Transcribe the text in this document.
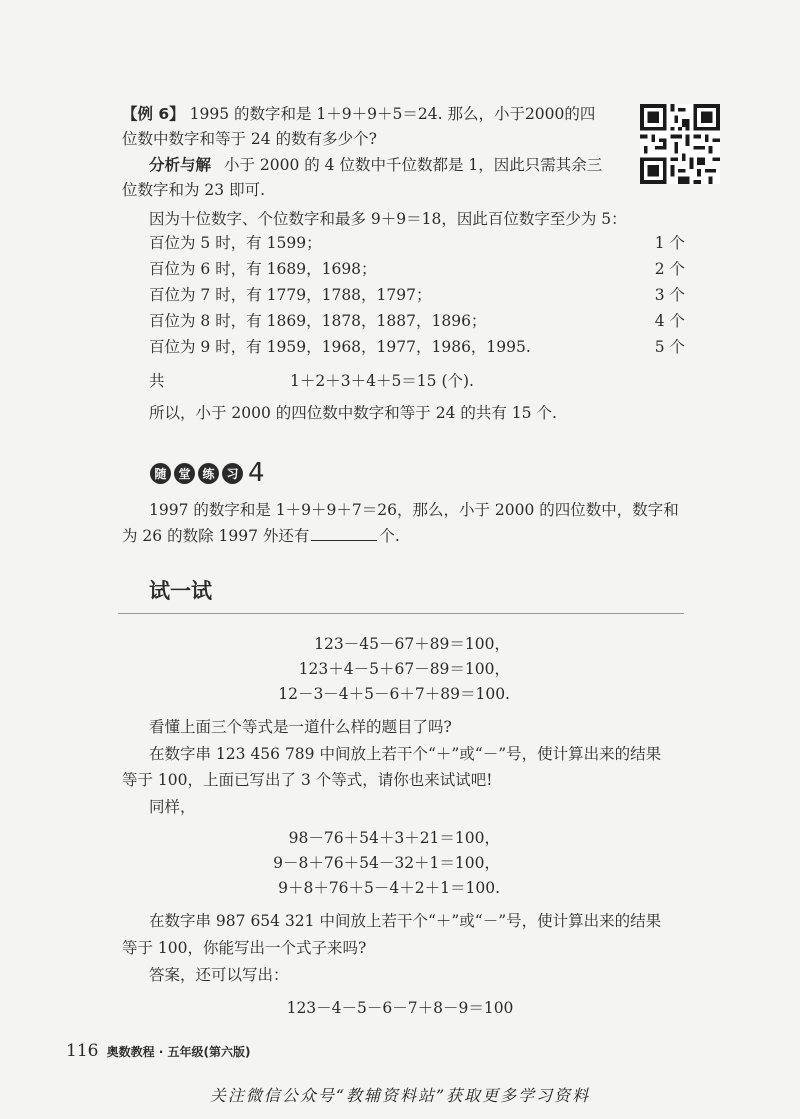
【例 6】 1995 的数字和是 1＋9＋9＋5＝24. 那么，小于2000的四
位数中数字和等于 24 的数有多少个?
分析与解 小于 2000 的 4 位数中千位数都是 1，因此只需其余三
位数字和为 23 即可.
因为十位数字、个位数字和最多 9＋9＝18，因此百位数字至少为 5：
百位为 5 时，有 1599；	1 个
百位为 6 时，有 1689，1698；	2 个
百位为 7 时，有 1779，1788，1797；	3 个
百位为 8 时，有 1869，1878，1887，1896；	4 个
百位为 9 时，有 1959，1968，1977，1986，1995.	5 个
共	1＋2＋3＋4＋5＝15 (个).
所以，小于 2000 的四位数中数字和等于 24 的共有 15 个.
随 堂 练 习 4
1997 的数字和是 1＋9＋9＋7＝26，那么，小于 2000 的四位数中，数字和
为 26 的数除 1997 外还有	个.
试一试
123－45－67＋89＝100，
123＋4－5＋67－89＝100，
12－3－4＋5－6＋7＋89＝100.
看懂上面三个等式是一道什么样的题目了吗?
在数字串 123 456 789 中间放上若干个“＋”或“－”号，使计算出来的结果
等于 100，上面已写出了 3 个等式，请你也来试试吧!
同样，
98－76＋54＋3＋21＝100，
9－8＋76＋54－32＋1＝100，
9＋8＋76＋5－4＋2＋1＝100.
在数字串 987 654 321 中间放上若干个“＋”或“－”号，使计算出来的结果
等于 100，你能写出一个式子来吗?
答案，还可以写出：
123－4－5－6－7＋8－9＝100
116 奥数教程 · 五年级(第六版)
关注微信公众号“教辅资料站”获取更多学习资料
